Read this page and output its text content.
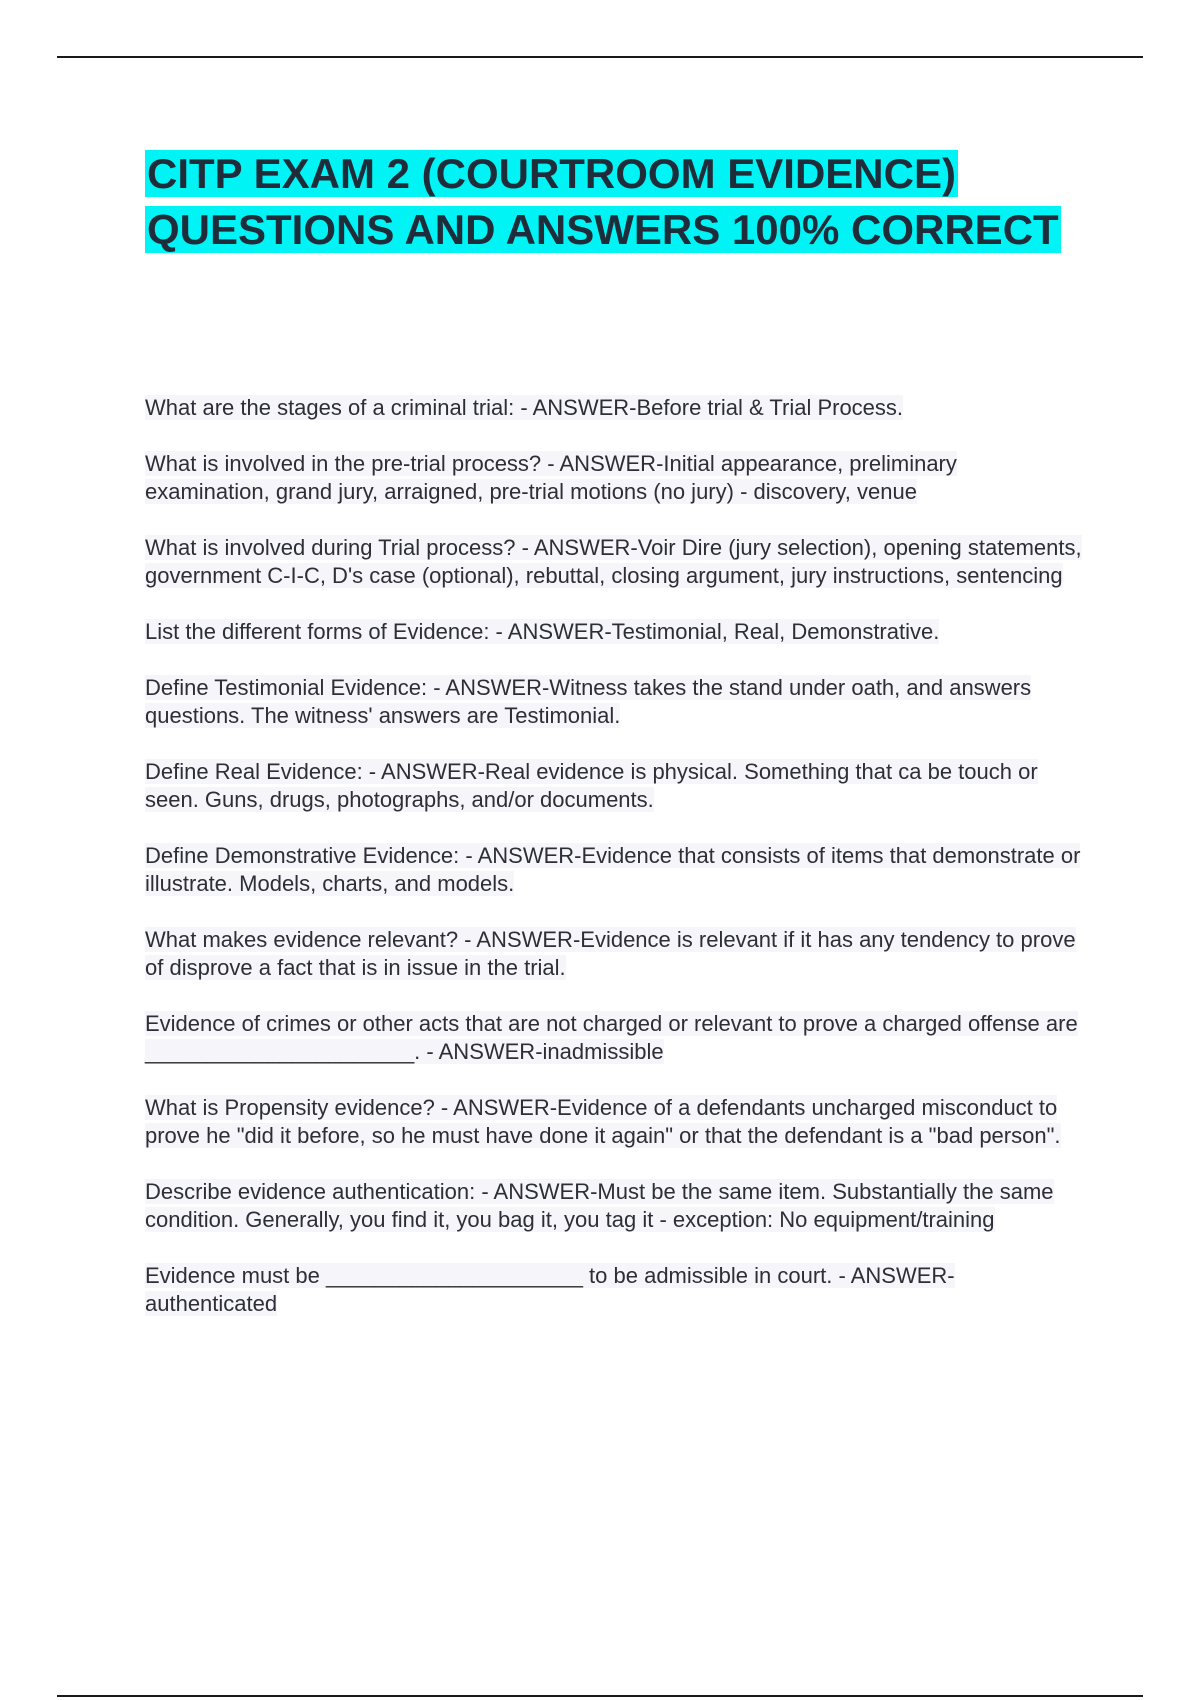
CITP EXAM 2 (COURTROOM EVIDENCE) QUESTIONS AND ANSWERS 100% CORRECT

What are the stages of a criminal trial: - ANSWER-Before trial & Trial Process.

What is involved in the pre-trial process? - ANSWER-Initial appearance, preliminary examination, grand jury, arraigned, pre-trial motions (no jury) - discovery, venue

What is involved during Trial process? - ANSWER-Voir Dire (jury selection), opening statements, government C-I-C, D's case (optional), rebuttal, closing argument, jury instructions, sentencing

List the different forms of Evidence: - ANSWER-Testimonial, Real, Demonstrative.

Define Testimonial Evidence: - ANSWER-Witness takes the stand under oath, and answers questions. The witness' answers are Testimonial.

Define Real Evidence: - ANSWER-Real evidence is physical. Something that ca be touch or seen. Guns, drugs, photographs, and/or documents.

Define Demonstrative Evidence: - ANSWER-Evidence that consists of items that demonstrate or illustrate. Models, charts, and models.

What makes evidence relevant? - ANSWER-Evidence is relevant if it has any tendency to prove of disprove a fact that is in issue in the trial.

Evidence of crimes or other acts that are not charged or relevant to prove a charged offense are ______________________. - ANSWER-inadmissible

What is Propensity evidence? - ANSWER-Evidence of a defendants uncharged misconduct to prove he "did it before, so he must have done it again" or that the defendant is a "bad person".

Describe evidence authentication: - ANSWER-Must be the same item. Substantially the same condition. Generally, you find it, you bag it, you tag it - exception: No equipment/training

Evidence must be _____________________ to be admissible in court. - ANSWER-authenticated
